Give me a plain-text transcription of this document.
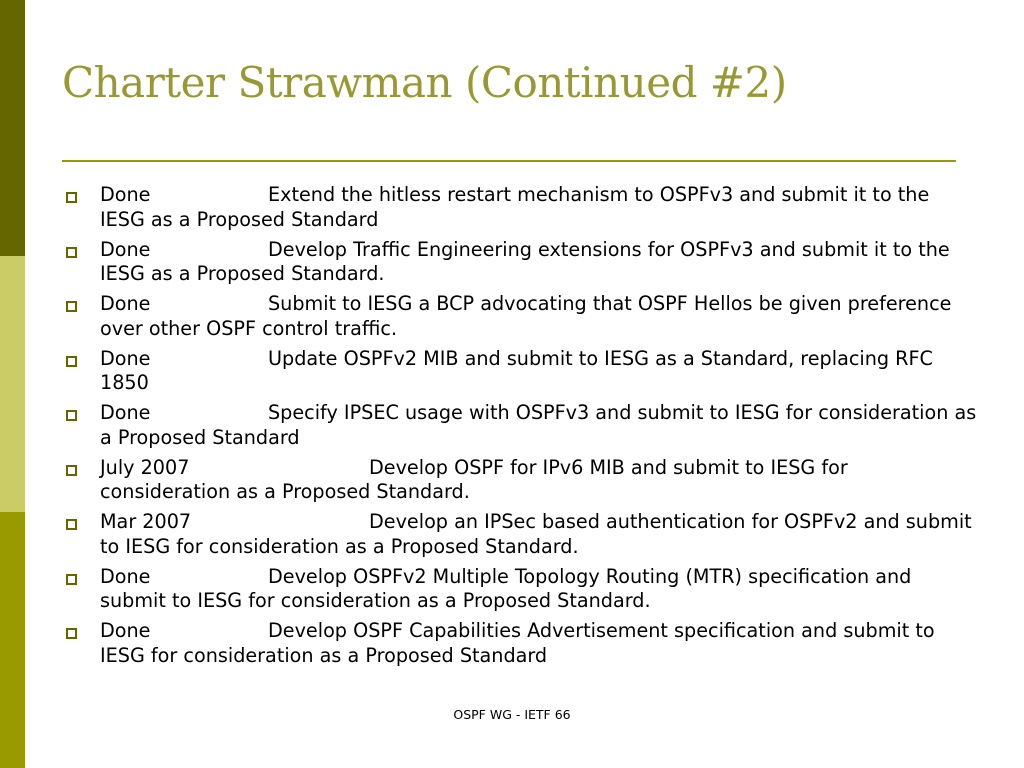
Charter Strawman (Continued #2)
Done	Extend the hitless restart mechanism to OSPFv3 and submit it to the IESG as a Proposed Standard
Done	Develop Traffic Engineering extensions for OSPFv3 and submit it to the IESG as a Proposed Standard.
Done	Submit to IESG a BCP advocating that OSPF Hellos be given preference over other OSPF control traffic.
Done	Update OSPFv2 MIB and submit to IESG as a Standard, replacing RFC 1850
Done	Specify IPSEC usage with OSPFv3 and submit to IESG for consideration as a Proposed Standard
July 2007	Develop OSPF for IPv6 MIB and submit to IESG for consideration as a Proposed Standard.
Mar 2007	Develop an IPSec based authentication for OSPFv2 and submit to IESG for consideration as a Proposed Standard.
Done	Develop OSPFv2 Multiple Topology Routing (MTR) specification and submit to IESG for consideration as a Proposed Standard.
Done	Develop OSPF Capabilities Advertisement specification and submit to IESG for consideration as a Proposed Standard
OSPF WG - IETF 66
